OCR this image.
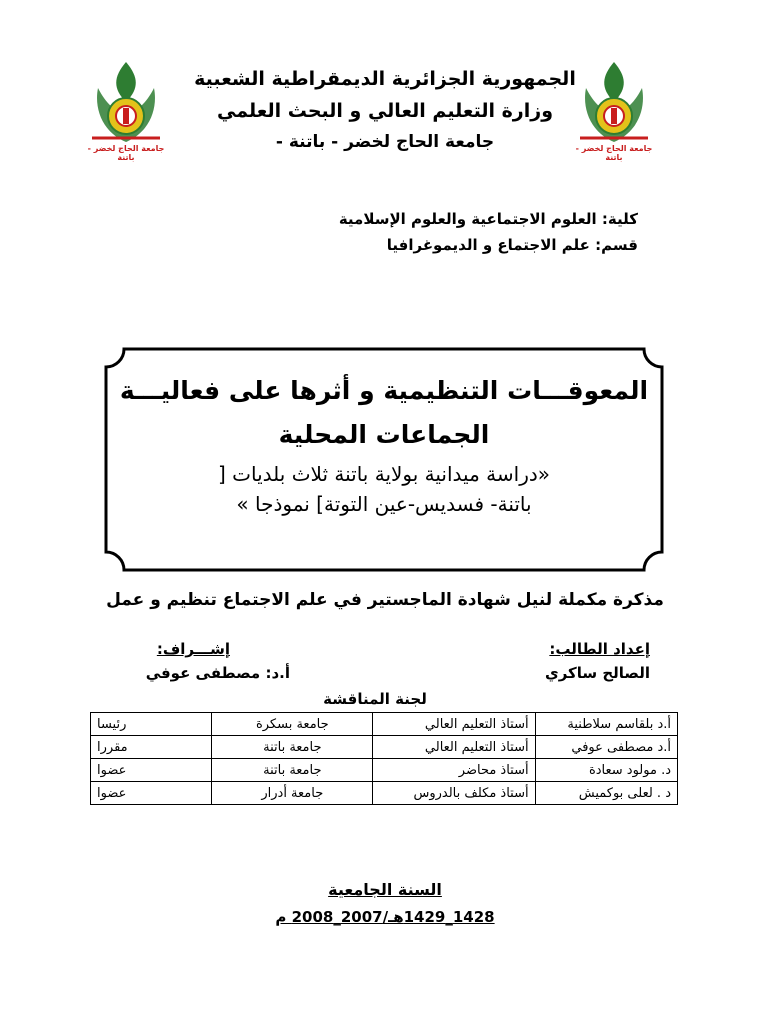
جامعة الحاج لخضر - باتنة
جامعة الحاج لخضر - باتنة
الجمهورية الجزائرية الديمقراطية الشعبية
وزارة التعليم العالي و البحث العلمي
جامعة الحاج لخضر - باتنة -
كلية: العلوم الاجتماعية والعلوم الإسلامية
قسم: علم الاجتماع و الديموغرافيا
المعوقـــات التنظيمية و أثرها على فعاليـــة
الجماعات المحلية
«دراسة ميدانية بولاية باتنة ثلاث بلديات [
باتنة- فسديس-عين التوتة] نموذجا »
مذكرة مكملة لنيل شهادة الماجستير في علم الاجتماع تنظيم و عمل
إعداد الطالب:
الصالح ساكري
إشـــراف:
أ.د: مصطفى عوفي
لجنة المناقشة
أ.د بلقاسم سلاطنية	أستاذ التعليم العالي	جامعة بسكرة	رئيسا
أ.د مصطفى عوفي	أستاذ التعليم العالي	جامعة باتنة	مقررا
د. مولود سعادة	أستاذ محاضر	جامعة باتنة	عضوا
د . لعلى بوكميش	أستاذ مكلف بالدروس	جامعة أدرار	عضوا
السنة الجامعية
1428_1429هـ/2007_2008 م
